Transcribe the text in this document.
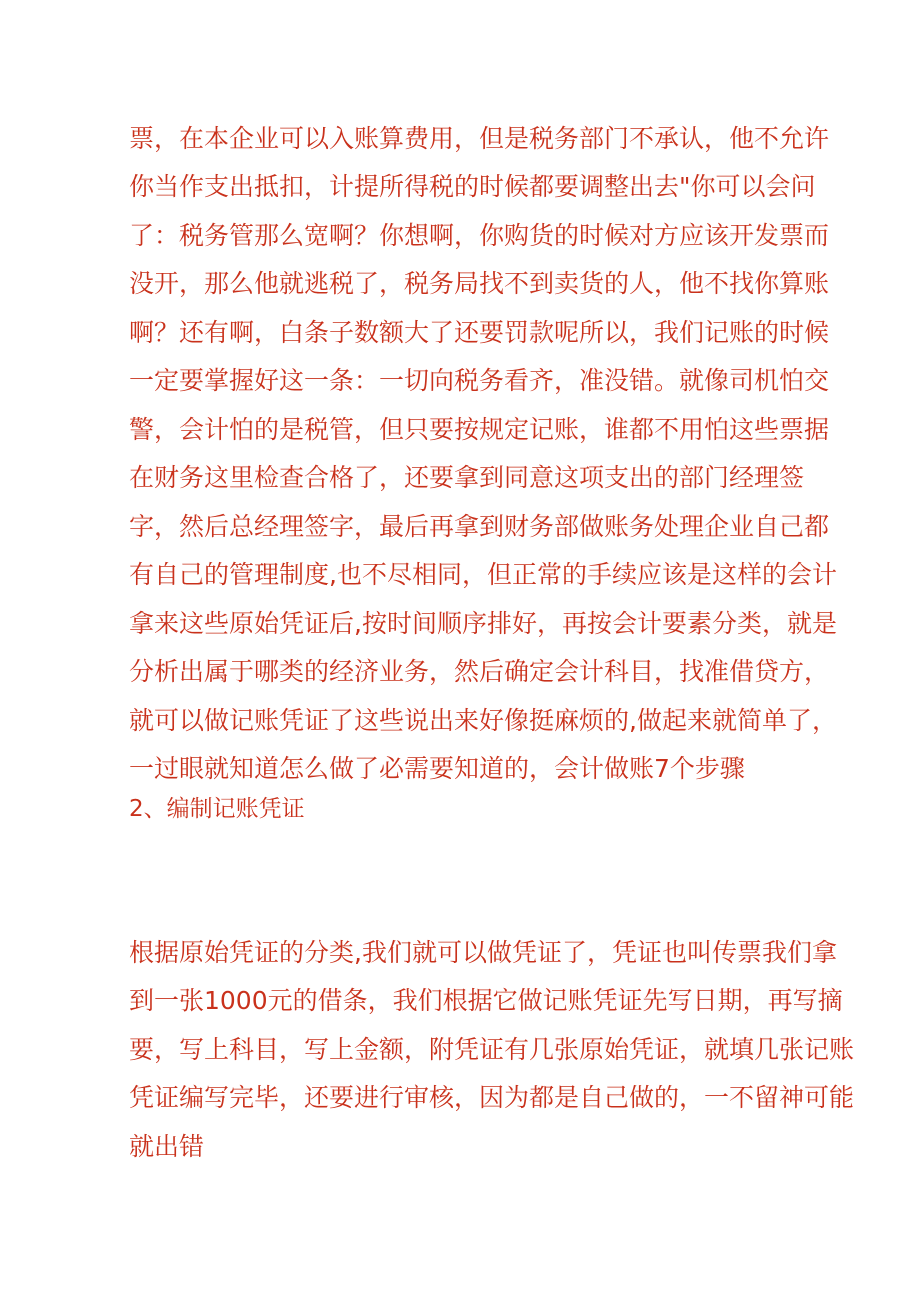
票，在本企业可以入账算费用，但是税务部门不承认，他不允许
你当作支出抵扣，计提所得税的时候都要调整出去"你可以会问
了：税务管那么宽啊？你想啊，你购货的时候对方应该开发票而
没开，那么他就逃税了，税务局找不到卖货的人，他不找你算账
啊？还有啊，白条子数额大了还要罚款呢所以，我们记账的时候
一定要掌握好这一条：一切向税务看齐，准没错。就像司机怕交
警，会计怕的是税管，但只要按规定记账，谁都不用怕这些票据
在财务这里检查合格了，还要拿到同意这项支出的部门经理签
字，然后总经理签字，最后再拿到财务部做账务处理企业自己都
有自己的管理制度,也不尽相同，但正常的手续应该是这样的会计
拿来这些原始凭证后,按时间顺序排好，再按会计要素分类，就是
分析出属于哪类的经济业务，然后确定会计科目，找准借贷方，
就可以做记账凭证了这些说出来好像挺麻烦的,做起来就简单了，
一过眼就知道怎么做了必需要知道的，会计做账7个步骤
2、编制记账凭证
根据原始凭证的分类,我们就可以做凭证了，凭证也叫传票我们拿
到一张1000元的借条，我们根据它做记账凭证先写日期，再写摘
要，写上科目，写上金额，附凭证有几张原始凭证，就填几张记账
凭证编写完毕，还要进行审核，因为都是自己做的，一不留神可能
就出错
